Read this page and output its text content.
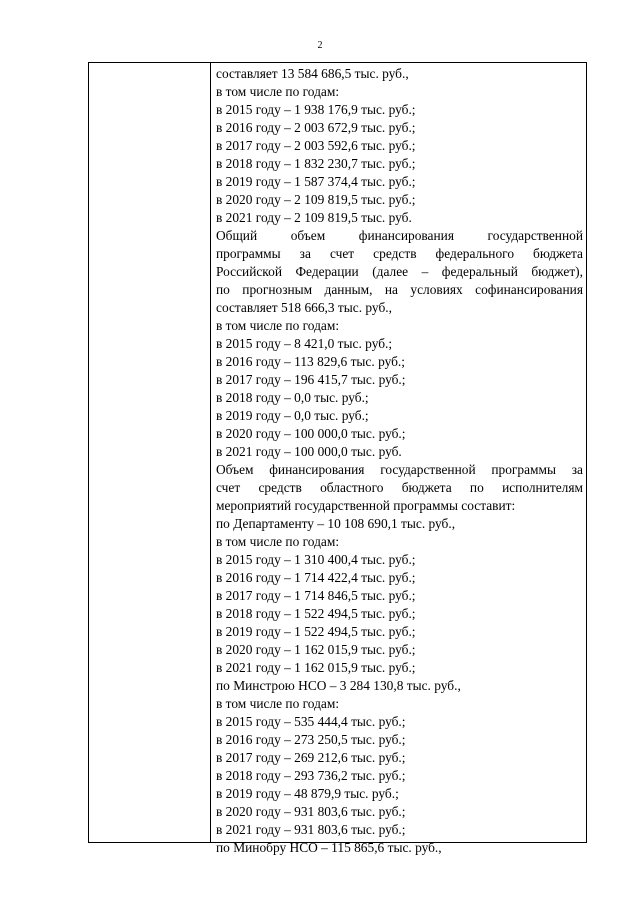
2
составляет 13 584 686,5 тыс. руб.,
в том числе по годам:
в 2015 году – 1 938 176,9 тыс. руб.;
в 2016 году – 2 003 672,9 тыс. руб.;
в 2017 году – 2 003 592,6 тыс. руб.;
в 2018 году – 1 832 230,7 тыс. руб.;
в 2019 году – 1 587 374,4 тыс. руб.;
в 2020 году – 2 109 819,5 тыс. руб.;
в 2021 году – 2 109 819,5 тыс. руб.
Общий объем финансирования государственной
программы за счет средств федерального бюджета
Российской Федерации (далее – федеральный бюджет),
по прогнозным данным, на условиях софинансирования
составляет 518 666,3 тыс. руб.,
в том числе по годам:
в 2015 году – 8 421,0 тыс. руб.;
в 2016 году – 113 829,6 тыс. руб.;
в 2017 году – 196 415,7 тыс. руб.;
в 2018 году – 0,0 тыс. руб.;
в 2019 году – 0,0 тыс. руб.;
в 2020 году – 100 000,0 тыс. руб.;
в 2021 году – 100 000,0 тыс. руб.
Объем финансирования государственной программы за
счет средств областного бюджета по исполнителям
мероприятий государственной программы составит:
по Департаменту – 10 108 690,1 тыс. руб.,
в том числе по годам:
в 2015 году – 1 310 400,4 тыс. руб.;
в 2016 году – 1 714 422,4 тыс. руб.;
в 2017 году – 1 714 846,5 тыс. руб.;
в 2018 году – 1 522 494,5 тыс. руб.;
в 2019 году – 1 522 494,5 тыс. руб.;
в 2020 году – 1 162 015,9 тыс. руб.;
в 2021 году – 1 162 015,9 тыс. руб.;
по Минстрою НСО – 3 284 130,8 тыс. руб.,
в том числе по годам:
в 2015 году – 535 444,4 тыс. руб.;
в 2016 году – 273 250,5 тыс. руб.;
в 2017 году – 269 212,6 тыс. руб.;
в 2018 году – 293 736,2 тыс. руб.;
в 2019 году – 48 879,9 тыс. руб.;
в 2020 году – 931 803,6 тыс. руб.;
в 2021 году – 931 803,6 тыс. руб.;
по Минобру НСО – 115 865,6 тыс. руб.,
